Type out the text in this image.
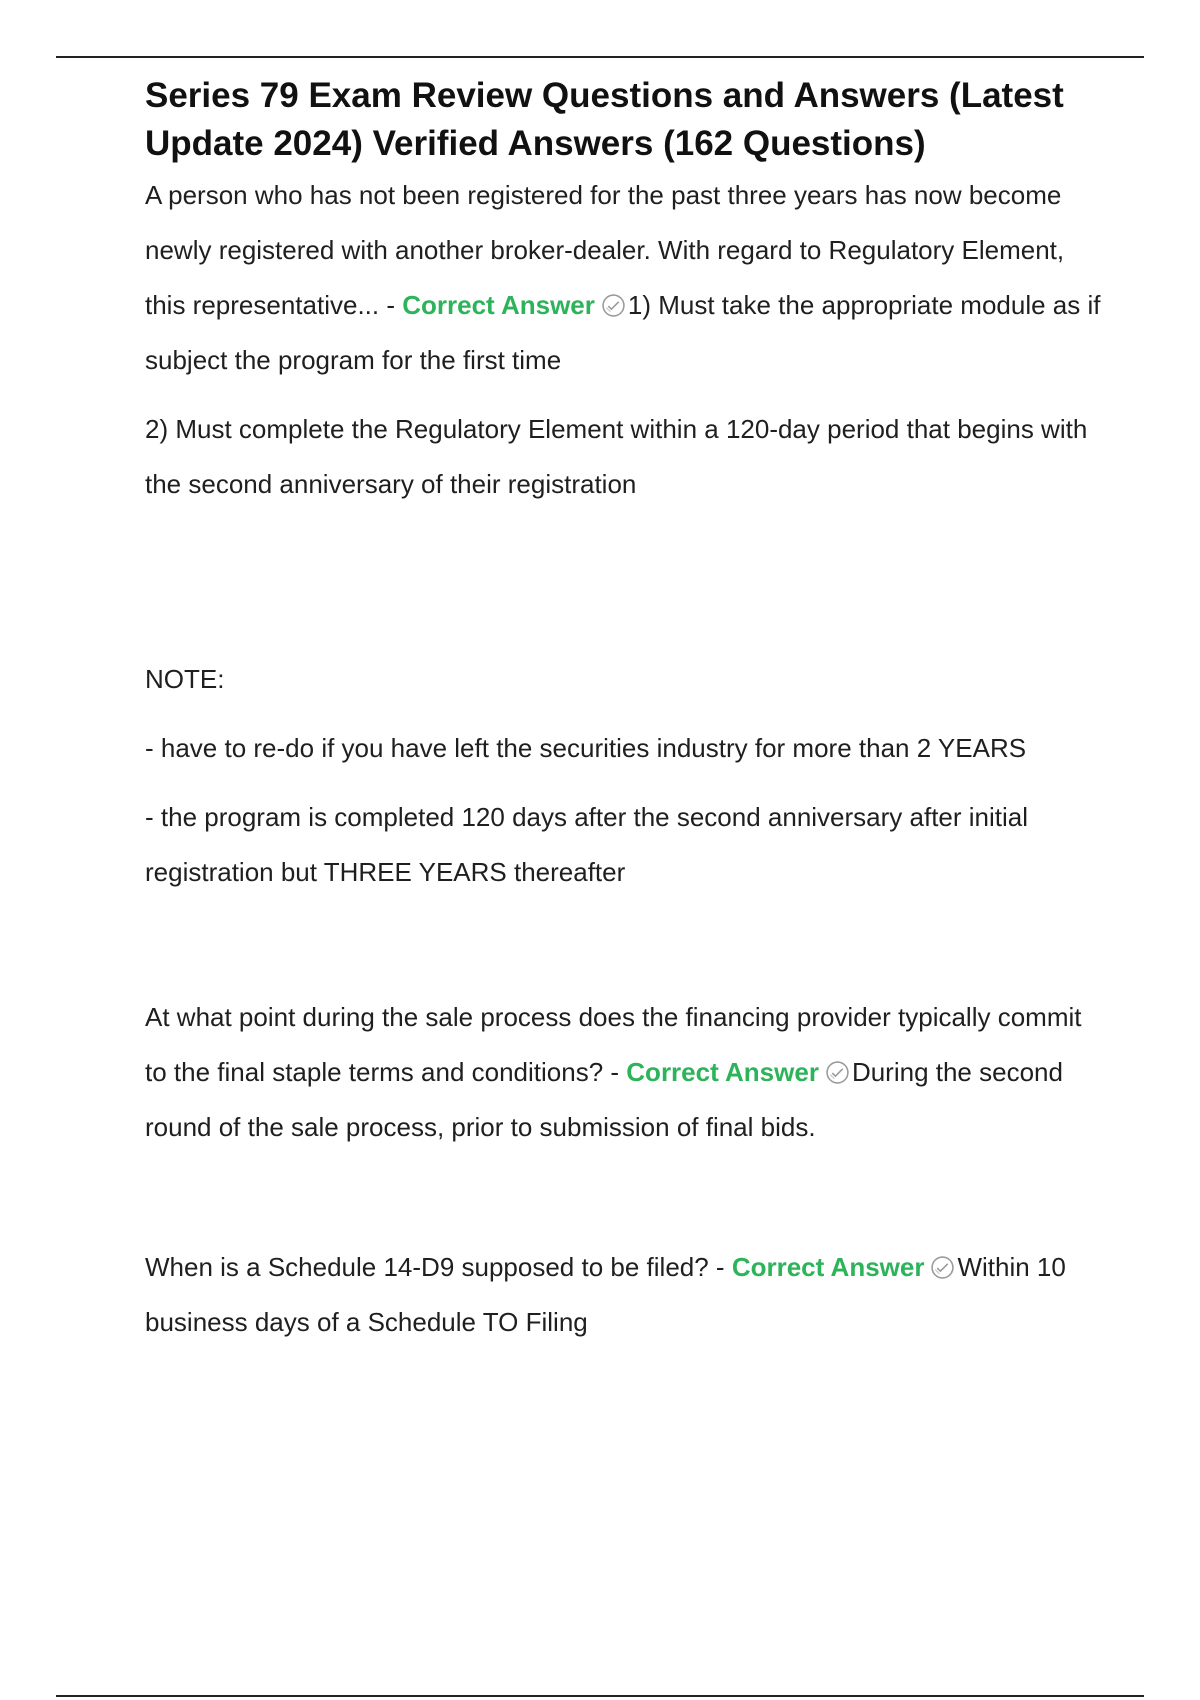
Series 79 Exam Review Questions and Answers (Latest Update 2024) Verified Answers (162 Questions)

A person who has not been registered for the past three years has now become newly registered with another broker-dealer. With regard to Regulatory Element, this representative... - Correct Answer 1) Must take the appropriate module as if subject the program for the first time

2) Must complete the Regulatory Element within a 120-day period that begins with the second anniversary of their registration

NOTE:

- have to re-do if you have left the securities industry for more than 2 YEARS

- the program is completed 120 days after the second anniversary after initial registration but THREE YEARS thereafter

At what point during the sale process does the financing provider typically commit to the final staple terms and conditions? - Correct Answer During the second round of the sale process, prior to submission of final bids.

When is a Schedule 14-D9 supposed to be filed? - Correct Answer Within 10 business days of a Schedule TO Filing
